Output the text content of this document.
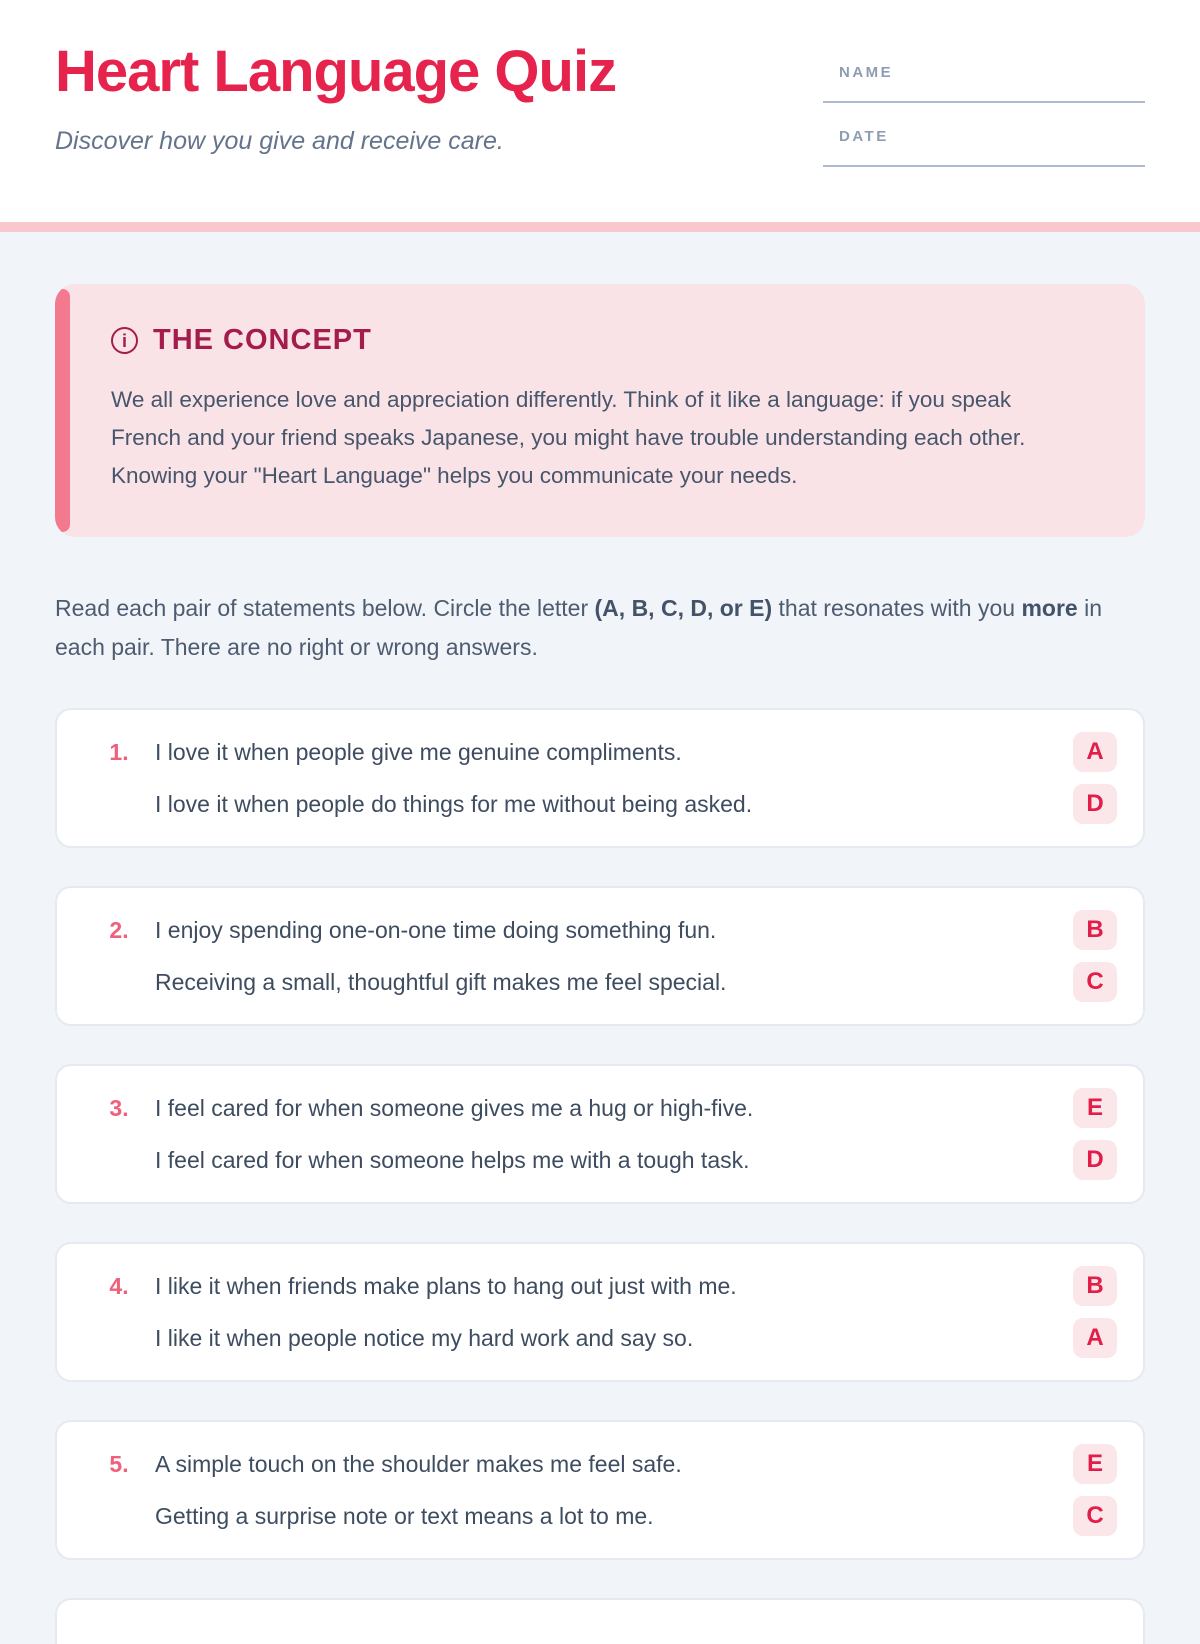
Heart Language Quiz
Discover how you give and receive care.
NAME
DATE
i THE CONCEPT
We all experience love and appreciation differently. Think of it like a language: if you speak French and your friend speaks Japanese, you might have trouble understanding each other. Knowing your "Heart Language" helps you communicate your needs.
Read each pair of statements below. Circle the letter (A, B, C, D, or E) that resonates with you more in each pair. There are no right or wrong answers.
1.	I love it when people give me genuine compliments.	A
I love it when people do things for me without being asked.	D
2.	I enjoy spending one-on-one time doing something fun.	B
Receiving a small, thoughtful gift makes me feel special.	C
3.	I feel cared for when someone gives me a hug or high-five.	E
I feel cared for when someone helps me with a tough task.	D
4.	I like it when friends make plans to hang out just with me.	B
I like it when people notice my hard work and say so.	A
5.	A simple touch on the shoulder makes me feel safe.	E
Getting a surprise note or text means a lot to me.	C
